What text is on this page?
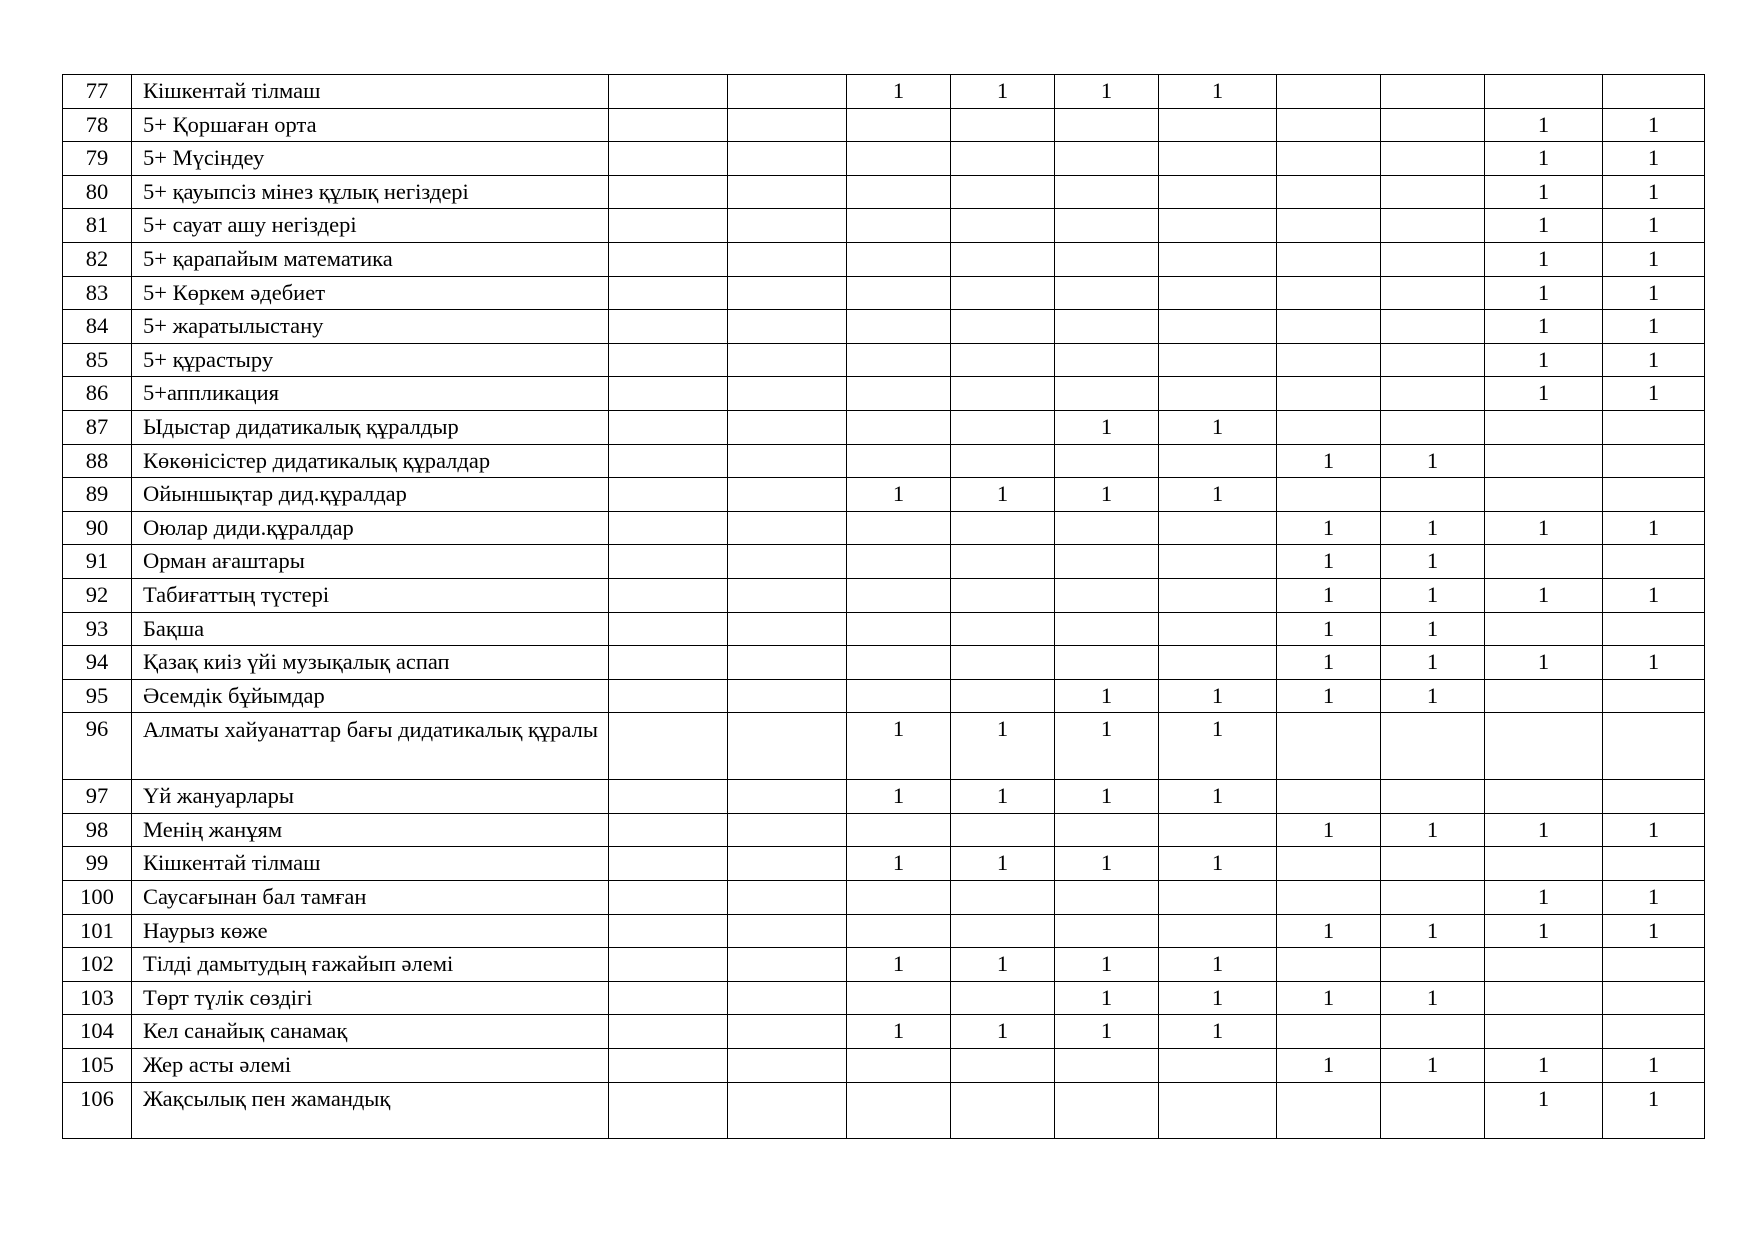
77	Кішкентай тілмаш			1	1	1	1				
78	5+ Қоршаған орта									1	1
79	5+ Мүсіндеу									1	1
80	5+ қауыпсіз мінез құлық негіздері									1	1
81	5+ сауат ашу негіздері									1	1
82	5+ қарапайым математика									1	1
83	5+ Көркем әдебиет									1	1
84	5+ жаратылыстану									1	1
85	5+ құрастыру									1	1
86	5+аппликация									1	1
87	Ыдыстар дидатикалық құралдыр					1	1				
88	Көкөнісістер дидатикалық құралдар							1	1		
89	Ойыншықтар дид.құралдар			1	1	1	1				
90	Оюлар диди.құралдар							1	1	1	1
91	Орман ағаштары							1	1		
92	Табиғаттың түстері							1	1	1	1
93	Бақша							1	1		
94	Қазақ киіз үйі музықалық аспап							1	1	1	1
95	Әсемдік бұйымдар					1	1	1	1		
96	Алматы хайуанаттар бағы дидатикалық құралы			1	1	1	1				
97	Үй жануарлары			1	1	1	1				
98	Менің жанұям							1	1	1	1
99	Кішкентай тілмаш			1	1	1	1				
100	Саусағынан бал тамған									1	1
101	Наурыз көже							1	1	1	1
102	Тілді дамытудың ғажайып әлемі			1	1	1	1				
103	Төрт түлік сөздігі					1	1	1	1		
104	Кел санайық санамақ			1	1	1	1				
105	Жер асты әлемі							1	1	1	1
106	Жақсылық пен жамандық									1	1
